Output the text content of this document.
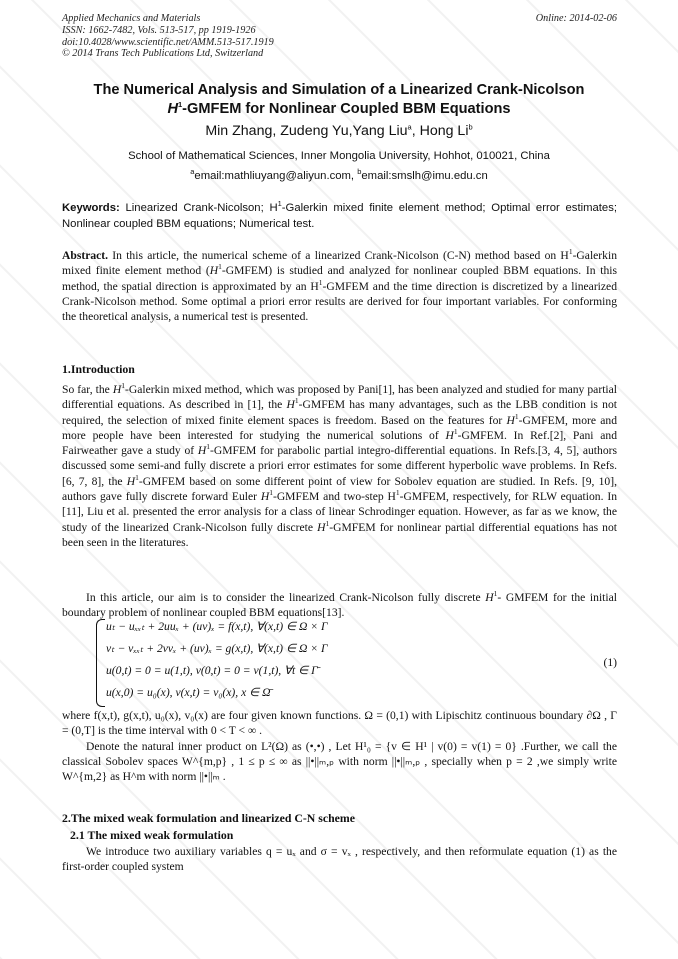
Applied Mechanics and Materials
ISSN: 1662-7482, Vols. 513-517, pp 1919-1926
doi:10.4028/www.scientific.net/AMM.513-517.1919
© 2014 Trans Tech Publications Ltd, Switzerland
Online: 2014-02-06
The Numerical Analysis and Simulation of a Linearized Crank-Nicolson
$H^1$-GMFEM for Nonlinear Coupled BBM Equations
Min Zhang, Zudeng Yu,Yang Liu$^a$, Hong Li$^b$
School of Mathematical Sciences, Inner Mongolia University, Hohhot, 010021, China
$^a$email:mathliuyang@aliyun.com, $^b$email:smslh@imu.edu.cn
Keywords: Linearized Crank-Nicolson; $H^1$-Galerkin mixed finite element method; Optimal error estimates; Nonlinear coupled BBM equations; Numerical test.
Abstract. In this article, the numerical scheme of a linearized Crank-Nicolson (C-N) method based on $H^1$-Galerkin mixed finite element method $(H^1-GMFEM)$ is studied and analyzed for nonlinear coupled BBM equations. In this method, the spatial direction is approximated by an $H^1$-GMFEM and the time direction is discretized by a linearized Crank-Nicolson method. Some optimal a priori error results are derived for four important variables. For conforming the theoretical analysis, a numerical test is presented.
1.Introduction
So far, the $H^1$-Galerkin mixed method, which was proposed by Pani[1], has been analyzed and studied for many partial differential equations. As described in [1], the $H^1$-GMFEM has many advantages, such as the LBB condition is not required, the selection of mixed finite element spaces is freedom. Based on the features for $H^1$-GMFEM, more and more people have been interested for studying the numerical solutions of $H^1$-GMFEM. In Ref.[2], Pani and Fairweather gave a study of $H^1$-GMFEM for parabolic partial integro-differential equations. In Refs.[3, 4, 5], authors discussed some semi-and fully discrete a priori error estimates for some different hyperbolic wave problems. In Refs. [6, 7, 8], the $H^1$-GMFEM based on some different point of view for Sobolev equation are studied. In Refs. [9, 10], authors gave fully discrete forward Euler $H^1$-GMFEM and two-step $H^1$-GMFEM, respectively, for RLW equation. In [11], Liu et al. presented the error analysis for a class of linear Schrodinger equation. However, as far as we know, the study of the linearized Crank-Nicolson fully discrete $H^1$-GMFEM for nonlinear partial differential equations has not been seen in the literatures.
In this article, our aim is to consider the linearized Crank-Nicolson fully discrete $H^1-$ GMFEM for the initial boundary problem of nonlinear coupled BBM equations[13].
uₜ − uₓₓₜ + 2uuₓ + (uv)ₓ = f(x,t), ∀(x,t) ∈ Ω × Γ
vₜ − vₓₓₜ + 2vvₓ + (uv)ₓ = g(x,t), ∀(x,t) ∈ Ω × Γ
u(0,t) = 0 = u(1,t), v(0,t) = 0 = v(1,t), ∀t ∈ Γ̄
u(x,0) = u₀(x), v(x,t) = v₀(x), x ∈ Ω̄
(1)
where f(x,t), g(x,t), u₀(x), v₀(x) are four given known functions. Ω = (0,1) with Lipischitz continuous boundary ∂Ω , Γ = (0,T] is the time interval with 0 < T < ∞ .
Denote the natural inner product on L²(Ω) as (•,•) , Let H¹₀ = {v ∈ H¹ | v(0) = v(1) = 0} .Further, we call the classical Sobolev spaces W^{m,p} , 1 ≤ p ≤ ∞ as ||•||ₘ,ₚ with norm ||•||ₘ,ₚ , specially when p = 2 ,we simply write W^{m,2} as H^m with norm ||•||ₘ .
2.The mixed weak formulation and linearized C-N scheme
2.1 The mixed weak formulation
We introduce two auxiliary variables q = uₓ and σ = vₓ , respectively, and then reformulate equation (1) as the first-order coupled system
